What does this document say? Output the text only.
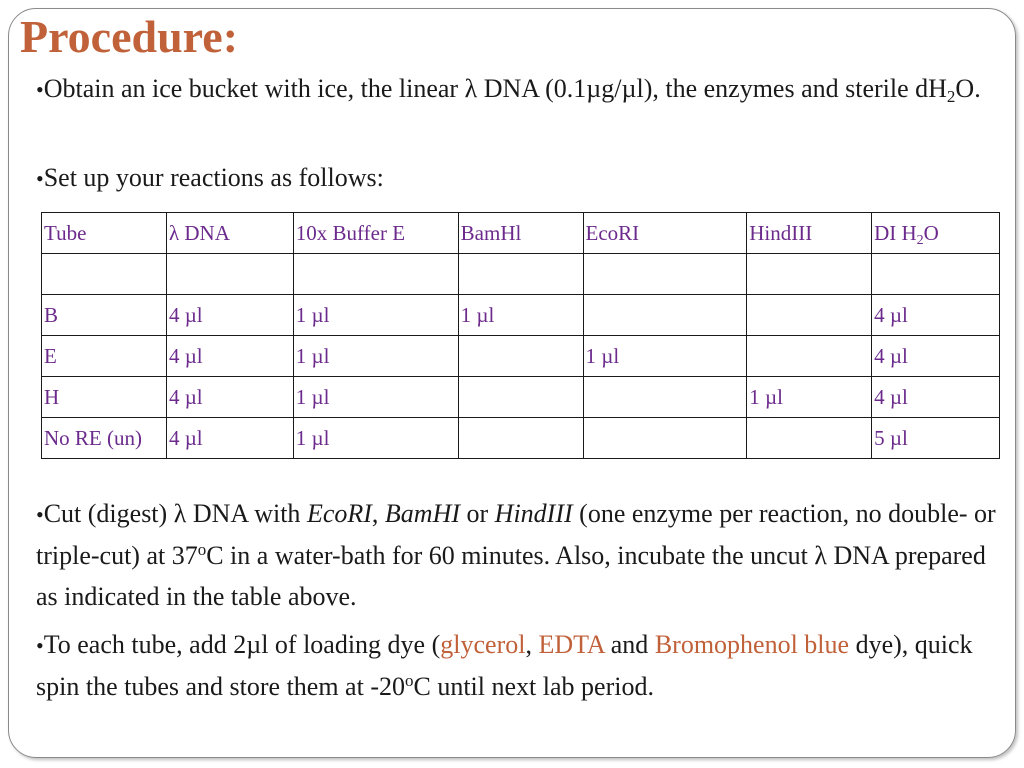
Procedure:
•Obtain an ice bucket with ice, the linear λ DNA (0.1µg/µl), the enzymes and sterile $dH_2O$.
•Set up your reactions as follows:
Tube	λ DNA	10x Buffer E	BamHl	EcoRI	HindIII	DI $H_2O$

B	4 µl	1 µl	1 µl			4 µl
E	4 µl	1 µl		1 µl		4 µl
H	4 µl	1 µl			1 µl	4 µl
No RE (un)	4 µl	1 µl				5 µl
•Cut (digest) λ DNA with EcoRI, BamHI or HindIII (one enzyme per reaction, no double- or triple-cut) at 37$^o$C in a water-bath for 60 minutes. Also, incubate the uncut λ DNA prepared as indicated in the table above.
•To each tube, add 2µl of loading dye (glycerol, EDTA and Bromophenol blue dye), quick spin the tubes and store them at -20$^o$C until next lab period.
